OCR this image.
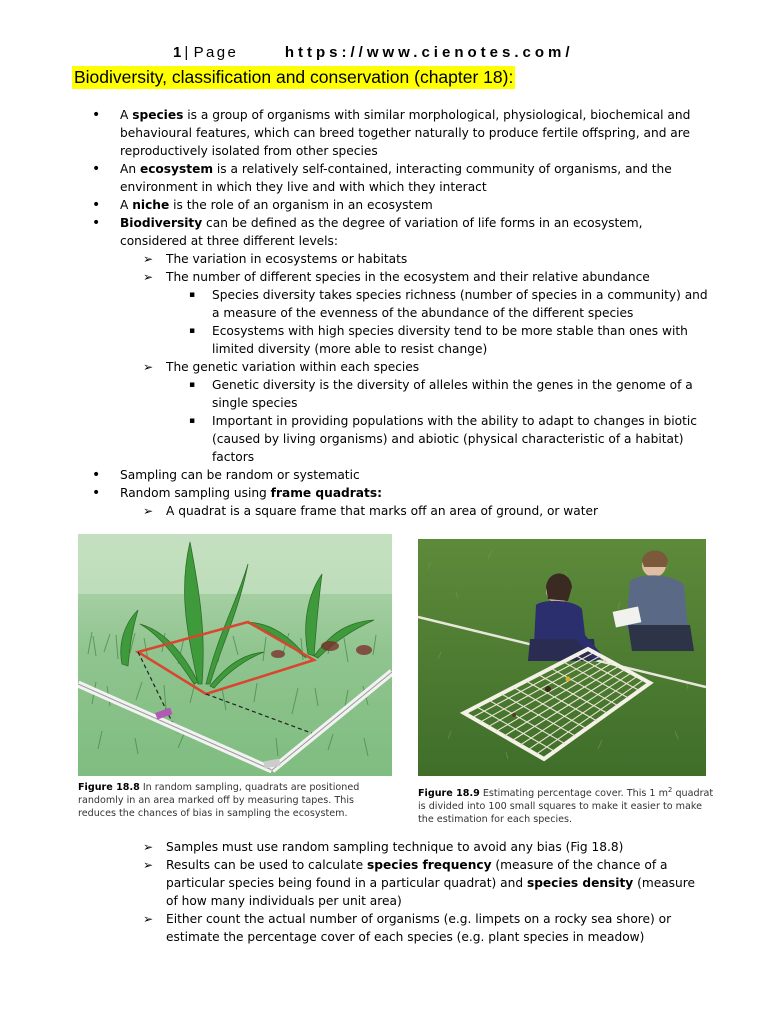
1 | Page	https://www.cienotes.com/
Biodiversity, classification and conservation (chapter 18):
• A species is a group of organisms with similar morphological, physiological, biochemical and behavioural features, which can breed together naturally to produce fertile offspring, and are reproductively isolated from other species
• An ecosystem is a relatively self-contained, interacting community of organisms, and the environment in which they live and with which they interact
• A niche is the role of an organism in an ecosystem
• Biodiversity can be defined as the degree of variation of life forms in an ecosystem, considered at three different levels:
➢ The variation in ecosystems or habitats
➢ The number of different species in the ecosystem and their relative abundance
▪ Species diversity takes species richness (number of species in a community) and a measure of the evenness of the abundance of the different species
▪ Ecosystems with high species diversity tend to be more stable than ones with limited diversity (more able to resist change)
➢ The genetic variation within each species
▪ Genetic diversity is the diversity of alleles within the genes in the genome of a single species
▪ Important in providing populations with the ability to adapt to changes in biotic (caused by living organisms) and abiotic (physical characteristic of a habitat) factors
• Sampling can be random or systematic
• Random sampling using frame quadrats:
➢ A quadrat is a square frame that marks off an area of ground, or water
Figure 18.8 In random sampling, quadrats are positioned randomly in an area marked off by measuring tapes. This reduces the chances of bias in sampling the ecosystem.
Figure 18.9 Estimating percentage cover. This 1 $m^2$ quadrat is divided into 100 small squares to make it easier to make the estimation for each species.
➢ Samples must use random sampling technique to avoid any bias (Fig 18.8)
➢ Results can be used to calculate species frequency (measure of the chance of a particular species being found in a particular quadrat) and species density (measure of how many individuals per unit area)
➢ Either count the actual number of organisms (e.g. limpets on a rocky sea shore) or estimate the percentage cover of each species (e.g. plant species in meadow)
